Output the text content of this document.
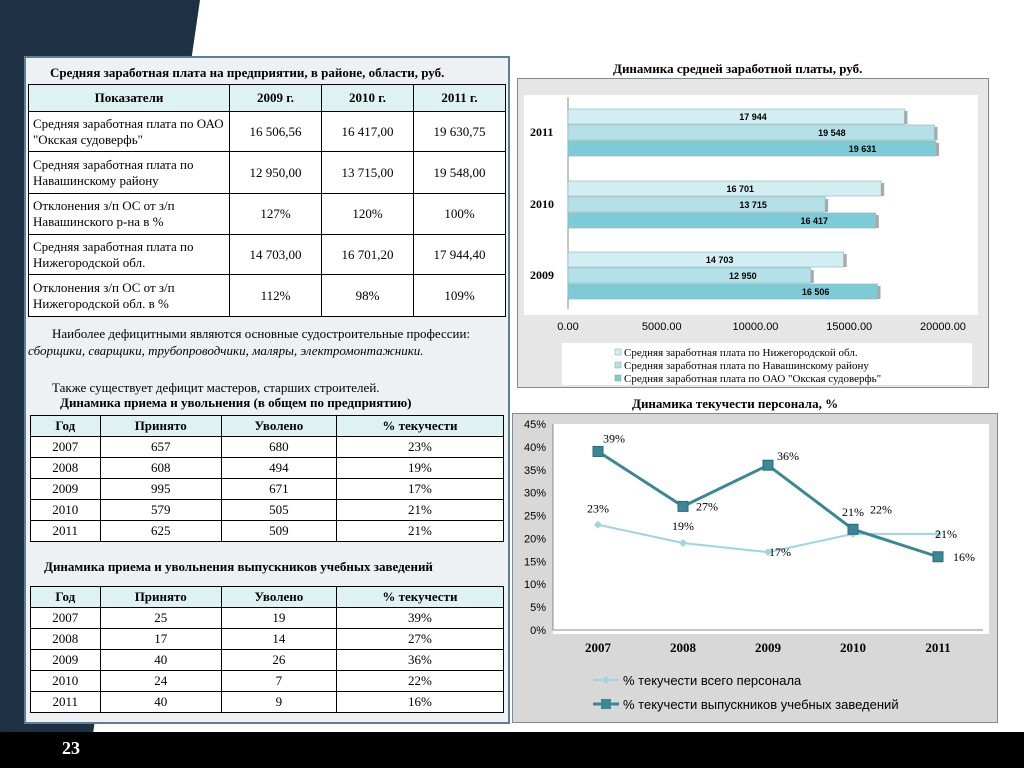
Средняя заработная плата на предприятии, в районе, области, руб.
Показатели	2009 г.	2010 г.	2011 г.
Средняя заработная плата по ОАО "Окская судоверфь"	16 506,56	16 417,00	19 630,75
Средняя заработная плата по Навашинскому району	12 950,00	13 715,00	19 548,00
Отклонения з/п ОС от з/п Навашинского р-на в %	127%	120%	100%
Средняя заработная плата по Нижегородской обл.	14 703,00	16 701,20	17 944,40
Отклонения з/п ОС от з/п Нижегородской обл. в %	112%	98%	109%
Наиболее дефицитными являются основные судостроительные профессии: сборщики, сварщики, трубопроводчики, маляры, электромонтажники.
Также существует дефицит мастеров, старших строителей.
Динамика приема и увольнения (в общем по предприятию)
Год	Принято	Уволено	% текучести
2007	657	680	23%
2008	608	494	19%
2009	995	671	17%
2010	579	505	21%
2011	625	509	21%
Динамика приема и увольнения выпускников учебных заведений
Год	Принято	Уволено	% текучести
2007	25	19	39%
2008	17	14	27%
2009	40	26	36%
2010	24	7	22%
2011	40	9	16%
Динамика средней заработной платы, руб.
0.00	5000.00	10000.00	15000.00	20000.00
2011
17 944
19 548
19 631
2010
16 701
13 715
16 417
2009
14 703
12 950
16 506
Средняя заработная плата по Нижегородской обл.
Средняя заработная плата по Навашинскому району
Средняя заработная плата по ОАО "Окская судоверфь"
Динамика текучести персонала, %
0%
5%
10%
15%
20%
25%
30%
35%
40%
45%
2007	2008	2009	2010	2011
23%
19%
17%
21%
21%
39%
27%
36%
22%
16%
% текучести всего персонала
% текучести выпускников учебных заведений
23
